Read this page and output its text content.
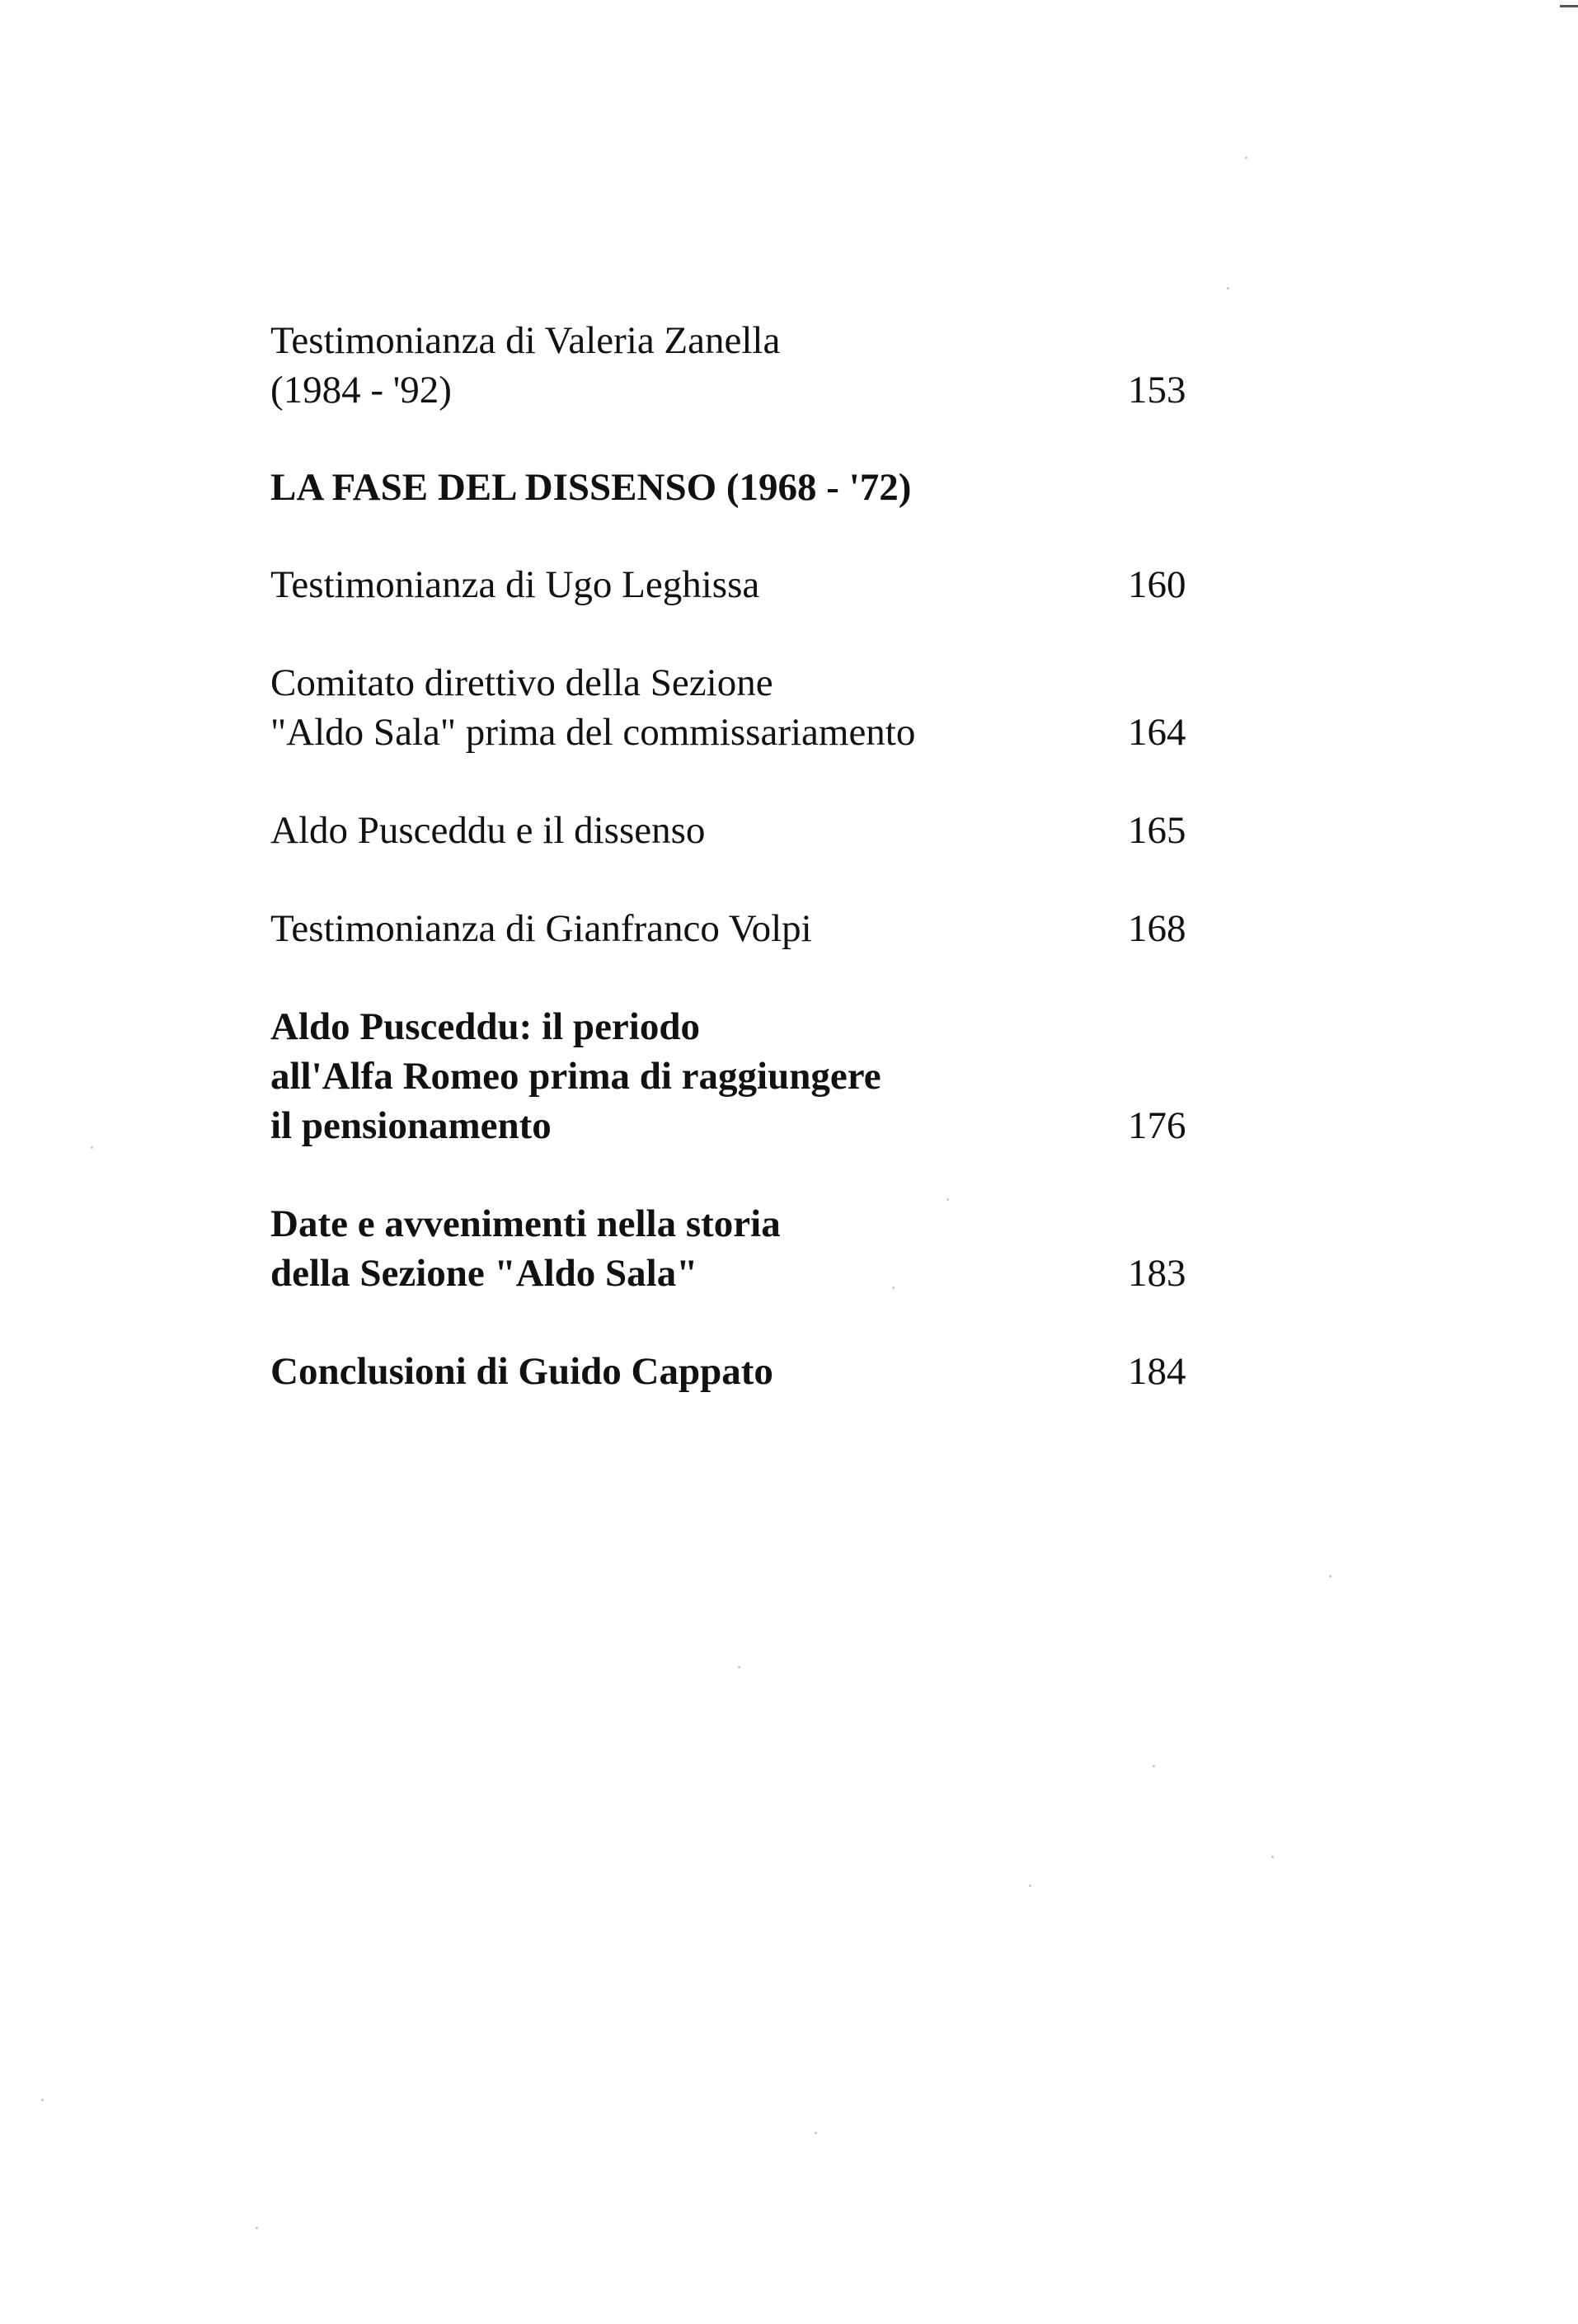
Testimonianza di Valeria Zanella
(1984 - '92)	153
LA FASE DEL DISSENSO (1968 - '72)
Testimonianza di Ugo Leghissa	160
Comitato direttivo della Sezione
"Aldo Sala" prima del commissariamento	164
Aldo Pusceddu e il dissenso	165
Testimonianza di Gianfranco Volpi	168
Aldo Pusceddu: il periodo
all'Alfa Romeo prima di raggiungere
il pensionamento	176
Date e avvenimenti nella storia
della Sezione "Aldo Sala"	183
Conclusioni di Guido Cappato	184
